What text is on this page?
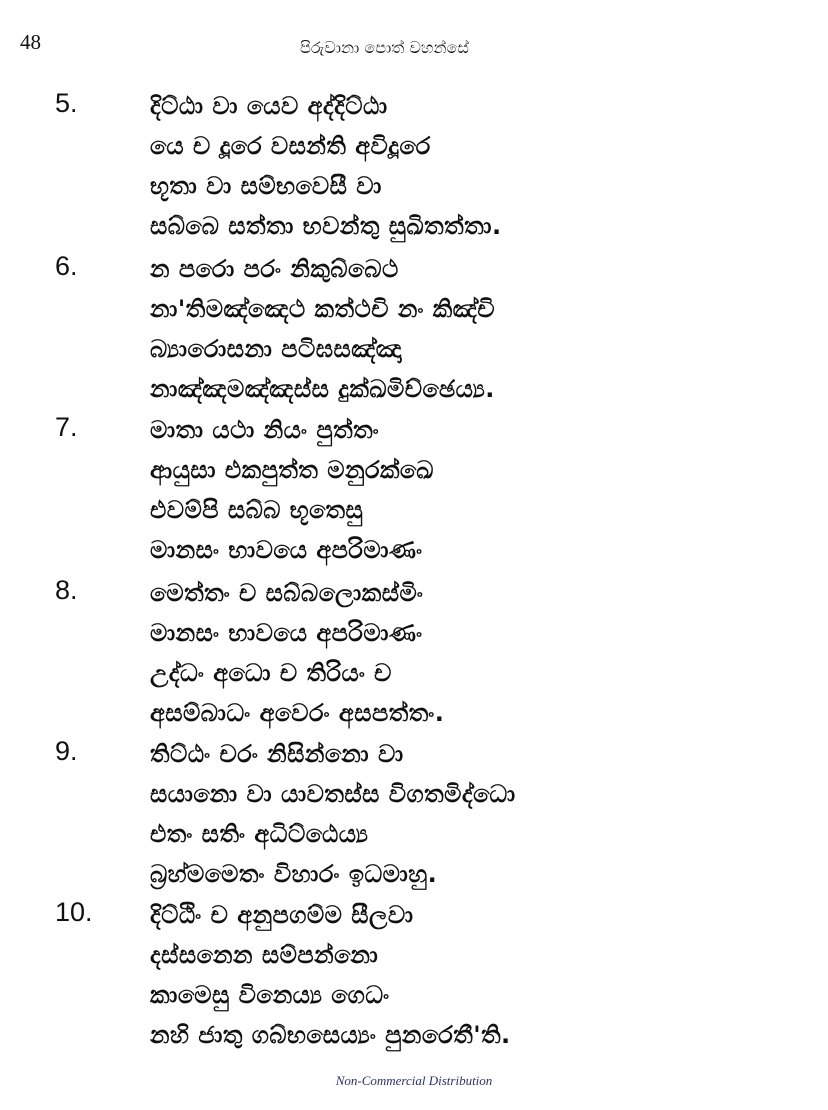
48	පිරුවානා පොත් වහන්සේ
5.	දිට්ඨා වා යෙව අද්දිට්ඨා
යෙ ච දූරෙ වසන්ති අවිදූරෙ
භූතා වා සම්භවෙසී වා
සබ්බෙ සත්තා භවන්තු සුඛිතත්තා.
6.	න පරො පරං නිකුබ්බෙථ
නා'තිමඤ්ඤෙථ කත්ථචි නං කිඤ්චි
බ්‍යාරොසනා පටිඝසඤ්ඤා
නාඤ්ඤමඤ්ඤස්ස දුක්ඛමිච්ඡෙය්‍ය.
7.	මාතා යථා නියං පුත්තං
ආයුසා එකපුත්ත මනුරක්ඛෙ
එවම්පි සබ්බ භූතෙසු
මානසං භාවයෙ අපරිමාණං
8.	මෙත්තං ච සබ්බලොකස්මිං
මානසං භාවයෙ අපරිමාණං
උද්ධං අධො ච තිරියං ච
අසම්බාධං අවෙරං අසපත්තං.
9.	තිට්ඨං චරං නිසින්නො වා
සයානො වා යාවතස්ස විගතමිද්ධො
එතං සතිං අධිට්ඨෙය්‍ය
බ්‍රහ්මමෙතං විහාරං ඉධමාහු.
10. දිට්ඨිං ච අනුපගම්ම සීලවා
දස්සනෙන සම්පන්නො
කාමෙසු විනෙය්‍ය ගෙධං
නහි ජාතු ගබ්භසෙය්‍යං පුනරෙතී'ති.
Non-Commercial Distribution
